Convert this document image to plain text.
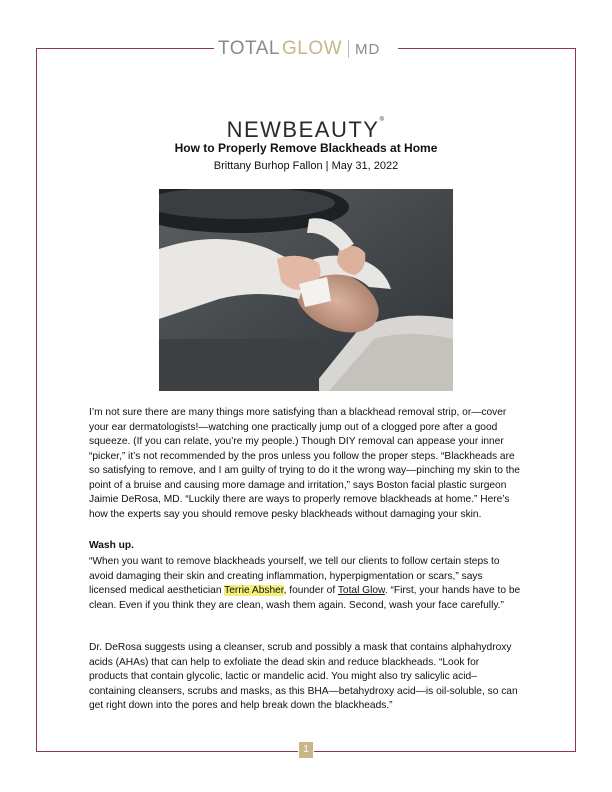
TOTAL GLOW MD
NEWBEAUTY®
How to Properly Remove Blackheads at Home
Brittany Burhop Fallon | May 31, 2022

I’m not sure there are many things more satisfying than a blackhead removal strip, or—cover your ear dermatologists!—watching one practically jump out of a clogged pore after a good squeeze. (If you can relate, you’re my people.) Though DIY removal can appease your inner “picker,” it’s not recommended by the pros unless you follow the proper steps. “Blackheads are so satisfying to remove, and I am guilty of trying to do it the wrong way—pinching my skin to the point of a bruise and causing more damage and irritation,” says Boston facial plastic surgeon Jaimie DeRosa, MD. “Luckily there are ways to properly remove blackheads at home.” Here’s how the experts say you should remove pesky blackheads without damaging your skin.

Wash up.

“When you want to remove blackheads yourself, we tell our clients to follow certain steps to avoid damaging their skin and creating inflammation, hyperpigmentation or scars,” says licensed medical aesthetician Terrie Absher, founder of Total Glow. “First, your hands have to be clean. Even if you think they are clean, wash them again. Second, wash your face carefully.”

Dr. DeRosa suggests using a cleanser, scrub and possibly a mask that contains alphahydroxy acids (AHAs) that can help to exfoliate the dead skin and reduce blackheads. “Look for products that contain glycolic, lactic or mandelic acid. You might also try salicylic acid–containing cleansers, scrubs and masks, as this BHA—betahydroxy acid—is oil-soluble, so can get right down into the pores and help break down the blackheads.”

1
